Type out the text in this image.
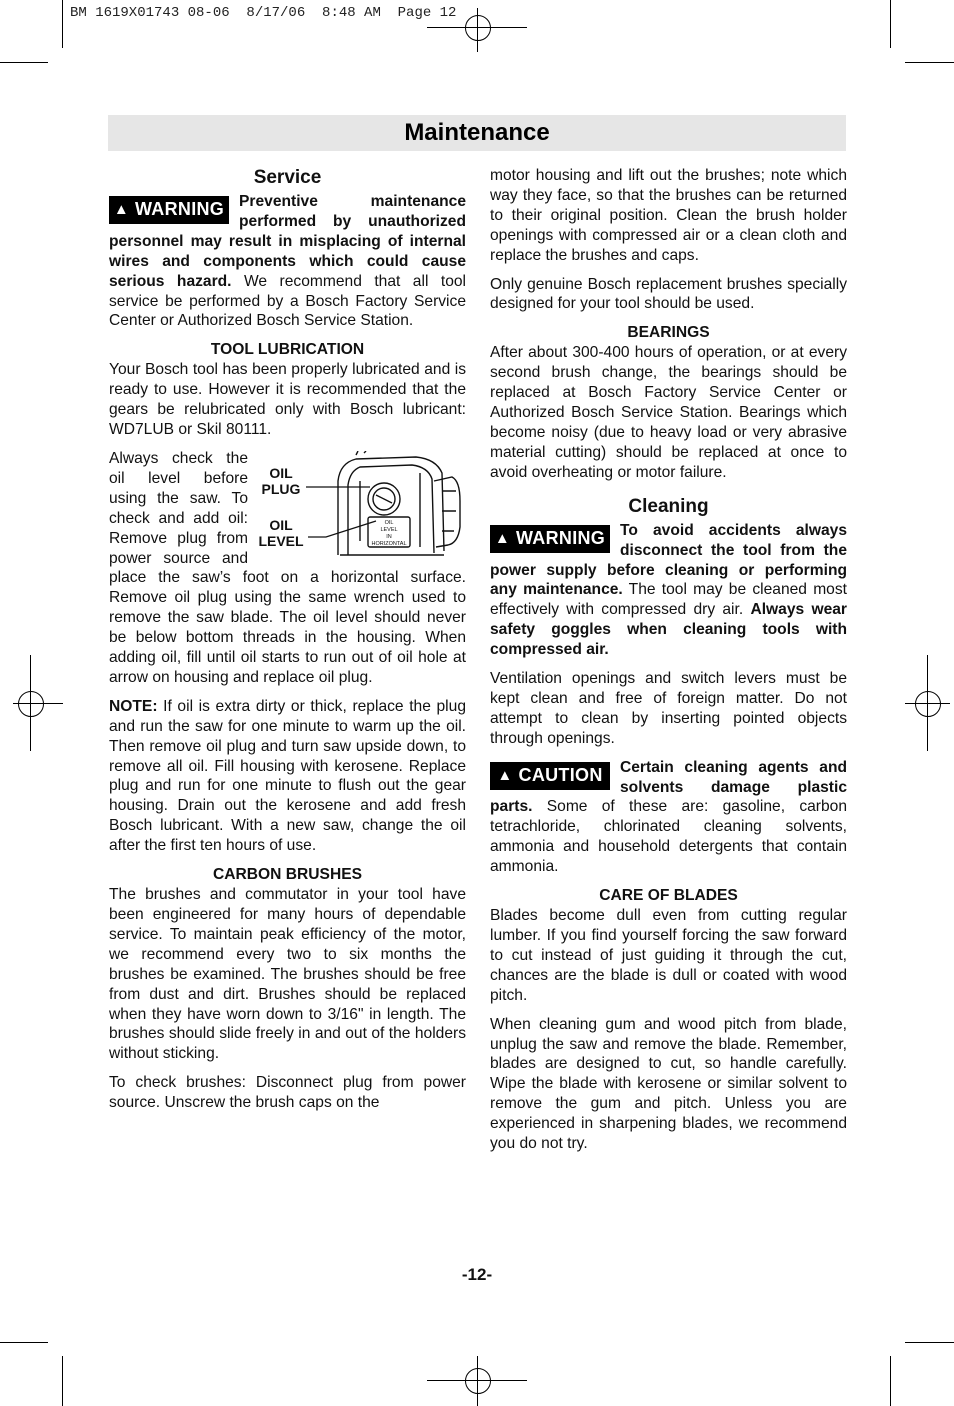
BM 1619X01743 08-06  8/17/06  8:48 AM  Page 12
Maintenance
Service

▲ WARNING Preventive maintenance performed by unauthorized personnel may result in misplacing of internal wires and components which could cause serious hazard. We recommend that all tool service be performed by a Bosch Factory Service Center or Authorized Bosch Service Station.

TOOL LUBRICATION

Your Bosch tool has been properly lubricated and is ready to use. However it is recommended that the gears be relubricated only with Bosch lubricant: WD7LUB or Skil 80111.

OIL
PLUG
OIL
LEVEL
OIL
LEVEL
IN
HORIZONTAL

Always check the oil level before using the saw. To check and add oil: Remove plug from power source and place the saw’s foot on a horizontal surface. Remove oil plug using the same wrench used to remove the saw blade. The oil level should never be below bottom threads in the housing. When adding oil, fill until oil starts to run out of oil hole at arrow on housing and replace oil plug.

NOTE: If oil is extra dirty or thick, replace the plug and run the saw for one minute to warm up the oil. Then remove oil plug and turn saw upside down, to remove all oil. Fill housing with kerosene. Replace plug and run for one minute to flush out the gear housing. Drain out the kerosene and add fresh Bosch lubricant. With a new saw, change the oil after the first ten hours of use.

CARBON BRUSHES

The brushes and commutator in your tool have been engineered for many hours of dependable service. To maintain peak efficiency of the motor, we recommend every two to six months the brushes be examined. The brushes should be free from dust and dirt. Brushes should be replaced when they have worn down to 3/16" in length. The brushes should slide freely in and out of the holders without sticking.

To check brushes: Disconnect plug from power source. Unscrew the brush caps on the

motor housing and lift out the brushes; note which way they face, so that the brushes can be returned to their original position. Clean the brush holder openings with compressed air or a clean cloth and replace the brushes and caps.

Only genuine Bosch replacement brushes specially designed for your tool should be used.

BEARINGS

After about 300-400 hours of operation, or at every second brush change, the bearings should be replaced at Bosch Factory Service Center or Authorized Bosch Service Station. Bearings which become noisy (due to heavy load or very abrasive material cutting) should be replaced at once to avoid overheating or motor failure.

Cleaning

▲ WARNING To avoid accidents always disconnect the tool from the power supply before cleaning or performing any maintenance. The tool may be cleaned most effectively with compressed dry air. Always wear safety goggles when cleaning tools with compressed air.

Ventilation openings and switch levers must be kept clean and free of foreign matter. Do not attempt to clean by inserting pointed objects through openings.

▲ CAUTION Certain cleaning agents and solvents damage plastic parts. Some of these are: gasoline, carbon tetrachloride, chlorinated cleaning solvents, ammonia and household detergents that contain ammonia.

CARE OF BLADES

Blades become dull even from cutting regular lumber. If you find yourself forcing the saw forward to cut instead of just guiding it through the cut, chances are the blade is dull or coated with wood pitch.

When cleaning gum and wood pitch from blade, unplug the saw and remove the blade. Remember, blades are designed to cut, so handle carefully. Wipe the blade with kerosene or similar solvent to remove the gum and pitch. Unless you are experienced in sharpening blades, we recommend you do not try.

-12-
